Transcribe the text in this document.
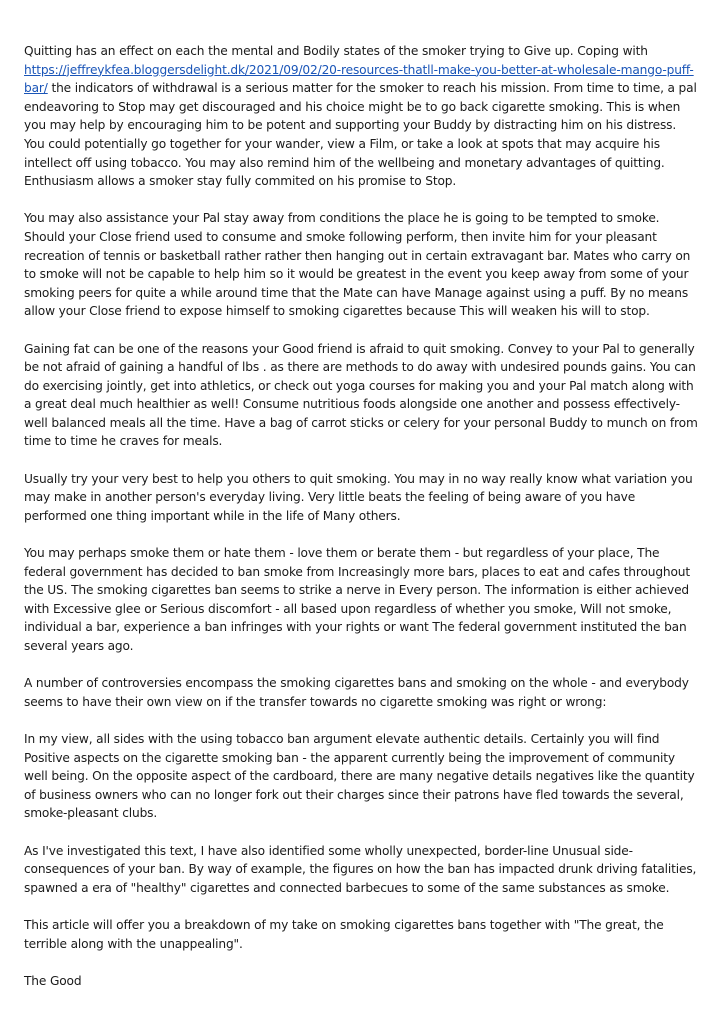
Quitting has an effect on each the mental and Bodily states of the smoker trying to Give up. Coping with https://jeffreykfea.bloggersdelight.dk/2021/09/02/20-resources-thatll-make-you-better-at-wholesale-mango-puff-bar/ the indicators of withdrawal is a serious matter for the smoker to reach his mission. From time to time, a pal endeavoring to Stop may get discouraged and his choice might be to go back cigarette smoking. This is when you may help by encouraging him to be potent and supporting your Buddy by distracting him on his distress. You could potentially go together for your wander, view a Film, or take a look at spots that may acquire his intellect off using tobacco. You may also remind him of the wellbeing and monetary advantages of quitting. Enthusiasm allows a smoker stay fully commited on his promise to Stop.

You may also assistance your Pal stay away from conditions the place he is going to be tempted to smoke. Should your Close friend used to consume and smoke following perform, then invite him for your pleasant recreation of tennis or basketball rather rather then hanging out in certain extravagant bar. Mates who carry on to smoke will not be capable to help him so it would be greatest in the event you keep away from some of your smoking peers for quite a while around time that the Mate can have Manage against using a puff. By no means allow your Close friend to expose himself to smoking cigarettes because This will weaken his will to stop.

Gaining fat can be one of the reasons your Good friend is afraid to quit smoking. Convey to your Pal to generally be not afraid of gaining a handful of lbs . as there are methods to do away with undesired pounds gains. You can do exercising jointly, get into athletics, or check out yoga courses for making you and your Pal match along with a great deal much healthier as well! Consume nutritious foods alongside one another and possess effectively-well balanced meals all the time. Have a bag of carrot sticks or celery for your personal Buddy to munch on from time to time he craves for meals.

Usually try your very best to help you others to quit smoking. You may in no way really know what variation you may make in another person's everyday living. Very little beats the feeling of being aware of you have performed one thing important while in the life of Many others.

You may perhaps smoke them or hate them - love them or berate them - but regardless of your place, The federal government has decided to ban smoke from Increasingly more bars, places to eat and cafes throughout the US. The smoking cigarettes ban seems to strike a nerve in Every person. The information is either achieved with Excessive glee or Serious discomfort - all based upon regardless of whether you smoke, Will not smoke, individual a bar, experience a ban infringes with your rights or want The federal government instituted the ban several years ago.

A number of controversies encompass the smoking cigarettes bans and smoking on the whole - and everybody seems to have their own view on if the transfer towards no cigarette smoking was right or wrong:

In my view, all sides with the using tobacco ban argument elevate authentic details. Certainly you will find Positive aspects on the cigarette smoking ban - the apparent currently being the improvement of community well being. On the opposite aspect of the cardboard, there are many negative details negatives like the quantity of business owners who can no longer fork out their charges since their patrons have fled towards the several, smoke-pleasant clubs.

As I've investigated this text, I have also identified some wholly unexpected, border-line Unusual side-consequences of your ban. By way of example, the figures on how the ban has impacted drunk driving fatalities, spawned a era of "healthy" cigarettes and connected barbecues to some of the same substances as smoke.

This article will offer you a breakdown of my take on smoking cigarettes bans together with "The great, the terrible along with the unappealing".

The Good
